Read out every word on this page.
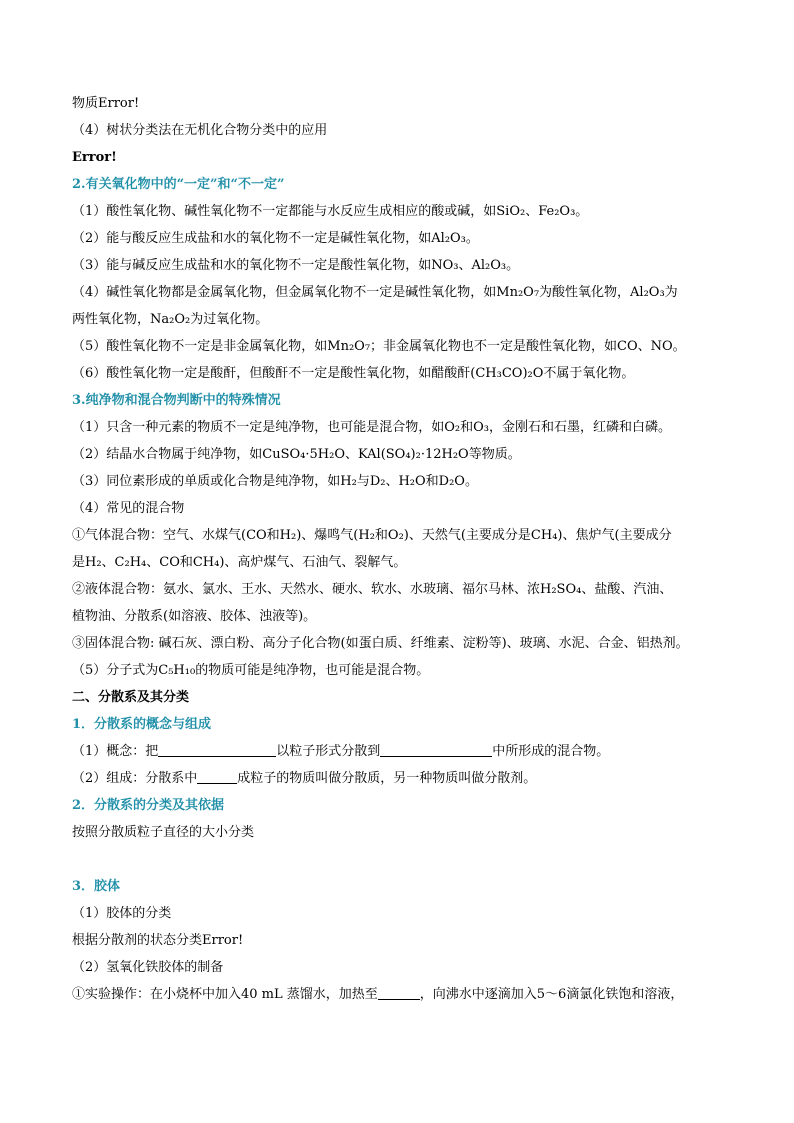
物质Error!
（4）树状分类法在无机化合物分类中的应用
Error!
2.有关氧化物中的“一定”和“不一定”
（1）酸性氧化物、碱性氧化物不一定都能与水反应生成相应的酸或碱，如SiO₂、Fe₂O₃。
（2）能与酸反应生成盐和水的氧化物不一定是碱性氧化物，如Al₂O₃。
（3）能与碱反应生成盐和水的氧化物不一定是酸性氧化物，如NO₃、Al₂O₃。
（4）碱性氧化物都是金属氧化物，但金属氧化物不一定是碱性氧化物，如Mn₂O₇为酸性氧化物，Al₂O₃为
两性氧化物，Na₂O₂为过氧化物。
（5）酸性氧化物不一定是非金属氧化物，如Mn₂O₇；非金属氧化物也不一定是酸性氧化物，如CO、NO。
（6）酸性氧化物一定是酸酐，但酸酐不一定是酸性氧化物，如醋酸酐(CH₃CO)₂O不属于氧化物。
3.纯净物和混合物判断中的特殊情况
（1）只含一种元素的物质不一定是纯净物，也可能是混合物，如O₂和O₃，金刚石和石墨，红磷和白磷。
（2）结晶水合物属于纯净物，如CuSO₄·5H₂O、KAl(SO₄)₂·12H₂O等物质。
（3）同位素形成的单质或化合物是纯净物，如H₂与D₂、H₂O和D₂O。
（4）常见的混合物
①气体混合物：空气、水煤气(CO和H₂)、爆鸣气(H₂和O₂)、天然气(主要成分是CH₄)、焦炉气(主要成分
是H₂、C₂H₄、CO和CH₄)、高炉煤气、石油气、裂解气。
②液体混合物：氨水、氯水、王水、天然水、硬水、软水、水玻璃、福尔马林、浓H₂SO₄、盐酸、汽油、
植物油、分散系(如溶液、胶体、浊液等)。
③固体混合物: 碱石灰、漂白粉、高分子化合物(如蛋白质、纤维素、淀粉等)、玻璃、水泥、合金、铝热剂。
（5）分子式为C₅H₁₀的物质可能是纯净物，也可能是混合物。
二、分散系及其分类
1．分散系的概念与组成
（1）概念：把	以粒子形式分散到	中所形成的混合物。
（2）组成：分散系中	成粒子的物质叫做分散质，另一种物质叫做分散剂。
2．分散系的分类及其依据
按照分散质粒子直径的大小分类
3．胶体
（1）胶体的分类
根据分散剂的状态分类Error!
（2）氢氧化铁胶体的制备
①实验操作：在小烧杯中加入40 mL 蒸馏水，加热至	，向沸水中逐滴加入5～6滴氯化铁饱和溶液，
